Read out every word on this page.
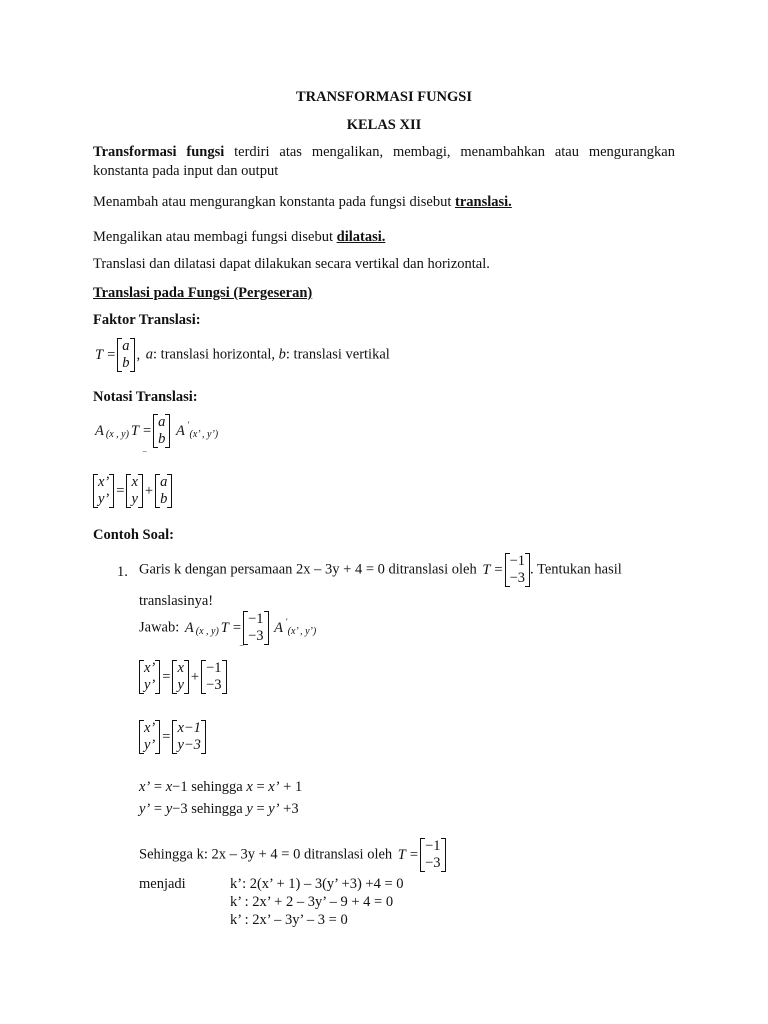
TRANSFORMASI FUNGSI
KELAS XII
Transformasi fungsi terdiri atas mengalikan, membagi, menambahkan atau mengurangkan konstanta pada input dan output
Menambah atau mengurangkan konstanta pada fungsi disebut translasi.
Mengalikan atau membagi fungsi disebut dilatasi.
Translasi dan dilatasi dapat dilakukan secara vertikal dan horizontal.
Translasi pada Fungsi (Pergeseran)
Faktor Translasi:
T =
a
b
, a: translasi horizontal, b: translasi vertikal
Notasi Translasi:
A $_{(x , y)}$ T =
a
b
A '$_{(x’ , y’)}$
‾
x’
y’
=
x
y
+
a
b
Contoh Soal:
1. Garis k dengan persamaan 2x – 3y + 4 = 0 ditranslasi oleh T =
−1
−3
. Tentukan hasil
translasinya!
Jawab: A $_{(x , y)}$ T =
−1
−3
A '$_{(x’ , y’)}$
‾
x’
y’
=
x
y
+
−1
−3
x’
y’
=
x−1
y−3
x’ = x−1 sehingga x = x’ + 1
y’ = y−3 sehingga y = y’ +3
Sehingga k: 2x – 3y + 4 = 0 ditranslasi oleh T =
−1
−3
menjadi	k’: 2(x’ + 1) – 3(y’ +3) +4 = 0
k’ : 2x’ + 2 – 3y’ – 9 + 4 = 0
k’ : 2x’ – 3y’ – 3 = 0
